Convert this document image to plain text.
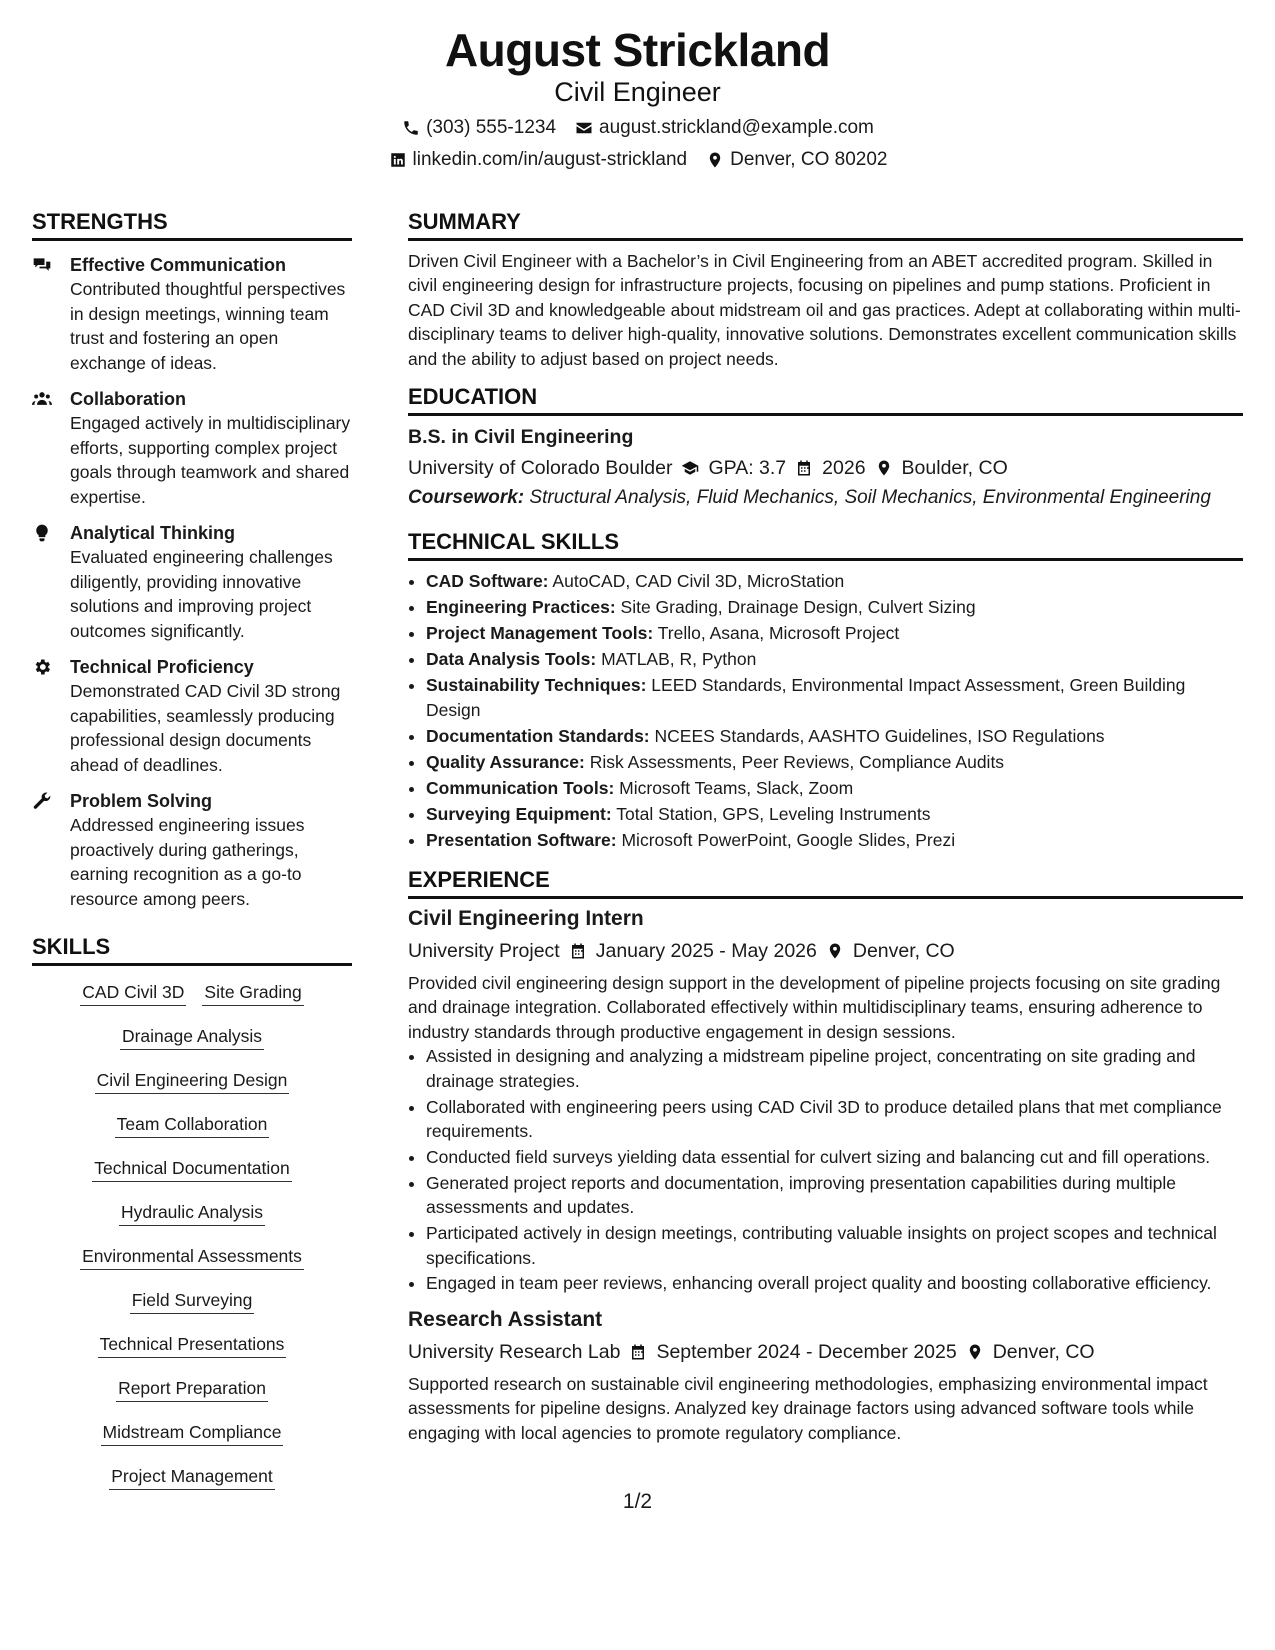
August Strickland
Civil Engineer
(303) 555-1234 august.strickland@example.com
linkedin.com/in/august-strickland Denver, CO 80202
STRENGTHS
Effective Communication
Contributed thoughtful perspectives in design meetings, winning team trust and fostering an open exchange of ideas.
Collaboration
Engaged actively in multidisciplinary efforts, supporting complex project goals through teamwork and shared expertise.
Analytical Thinking
Evaluated engineering challenges diligently, providing innovative solutions and improving project outcomes significantly.
Technical Proficiency
Demonstrated CAD Civil 3D strong capabilities, seamlessly producing professional design documents ahead of deadlines.
Problem Solving
Addressed engineering issues proactively during gatherings, earning recognition as a go-to resource among peers.
SKILLS
CAD Civil 3D Site Grading
Drainage Analysis
Civil Engineering Design
Team Collaboration
Technical Documentation
Hydraulic Analysis
Environmental Assessments
Field Surveying
Technical Presentations
Report Preparation
Midstream Compliance
Project Management
SUMMARY
Driven Civil Engineer with a Bachelor’s in Civil Engineering from an ABET accredited program. Skilled in civil engineering design for infrastructure projects, focusing on pipelines and pump stations. Proficient in CAD Civil 3D and knowledgeable about midstream oil and gas practices. Adept at collaborating within multi-disciplinary teams to deliver high-quality, innovative solutions. Demonstrates excellent communication skills and the ability to adjust based on project needs.
EDUCATION
B.S. in Civil Engineering
University of Colorado Boulder GPA: 3.7 2026 Boulder, CO
Coursework: Structural Analysis, Fluid Mechanics, Soil Mechanics, Environmental Engineering
TECHNICAL SKILLS
• CAD Software: AutoCAD, CAD Civil 3D, MicroStation
• Engineering Practices: Site Grading, Drainage Design, Culvert Sizing
• Project Management Tools: Trello, Asana, Microsoft Project
• Data Analysis Tools: MATLAB, R, Python
• Sustainability Techniques: LEED Standards, Environmental Impact Assessment, Green Building Design
• Documentation Standards: NCEES Standards, AASHTO Guidelines, ISO Regulations
• Quality Assurance: Risk Assessments, Peer Reviews, Compliance Audits
• Communication Tools: Microsoft Teams, Slack, Zoom
• Surveying Equipment: Total Station, GPS, Leveling Instruments
• Presentation Software: Microsoft PowerPoint, Google Slides, Prezi
EXPERIENCE
Civil Engineering Intern
University Project January 2025 - May 2026 Denver, CO
Provided civil engineering design support in the development of pipeline projects focusing on site grading and drainage integration. Collaborated effectively within multidisciplinary teams, ensuring adherence to industry standards through productive engagement in design sessions.
• Assisted in designing and analyzing a midstream pipeline project, concentrating on site grading and drainage strategies.
• Collaborated with engineering peers using CAD Civil 3D to produce detailed plans that met compliance requirements.
• Conducted field surveys yielding data essential for culvert sizing and balancing cut and fill operations.
• Generated project reports and documentation, improving presentation capabilities during multiple assessments and updates.
• Participated actively in design meetings, contributing valuable insights on project scopes and technical specifications.
• Engaged in team peer reviews, enhancing overall project quality and boosting collaborative efficiency.
Research Assistant
University Research Lab September 2024 - December 2025 Denver, CO
Supported research on sustainable civil engineering methodologies, emphasizing environmental impact assessments for pipeline designs. Analyzed key drainage factors using advanced software tools while engaging with local agencies to promote regulatory compliance.
1/2
